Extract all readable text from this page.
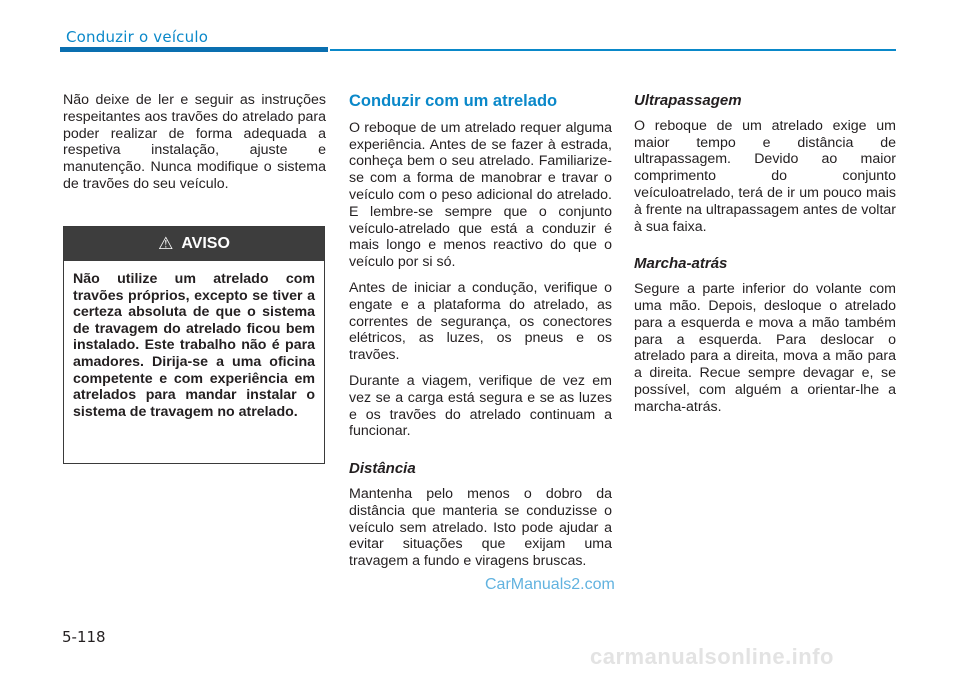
Conduzir o veículo

Não deixe de ler e seguir as instruções respeitantes aos travões do atrelado para poder realizar de forma adequada a respetiva instalação, ajuste e manutenção. Nunca modifique o sistema de travões do seu veículo.

⚠ AVISO
Não utilize um atrelado com travões próprios, excepto se tiver a certeza absoluta de que o sistema de travagem do atrelado ficou bem instalado. Este trabalho não é para amadores. Dirija-se a uma oficina competente e com experiência em atrelados para mandar instalar o sistema de travagem no atrelado.
Conduzir com um atrelado

O reboque de um atrelado requer alguma experiência. Antes de se fazer à estrada, conheça bem o seu atrelado. Familiarize-se com a forma de manobrar e travar o veículo com o peso adicional do atrelado. E lembre-se sempre que o conjunto veículo-atrelado que está a conduzir é mais longo e menos reactivo do que o veículo por si só.

Antes de iniciar a condução, verifique o engate e a plataforma do atrelado, as correntes de segurança, os conectores elétricos, as luzes, os pneus e os travões.

Durante a viagem, verifique de vez em vez se a carga está segura e se as luzes e os travões do atrelado continuam a funcionar.

Distância

Mantenha pelo menos o dobro da distância que manteria se conduzisse o veículo sem atrelado. Isto pode ajudar a evitar situações que exijam uma travagem a fundo e viragens bruscas.

Ultrapassagem

O reboque de um atrelado exige um maior tempo e distância de ultrapassagem. Devido ao maior comprimento do conjunto veículoatrelado, terá de ir um pouco mais à frente na ultrapassagem antes de voltar à sua faixa.

Marcha-atrás

Segure a parte inferior do volante com uma mão. Depois, desloque o atrelado para a esquerda e mova a mão também para a esquerda. Para deslocar o atrelado para a direita, mova a mão para a direita. Recue sempre devagar e, se possível, com alguém a orientar-lhe a marcha-atrás.

5-118
CarManuals2.com
carmanualsonline.info
